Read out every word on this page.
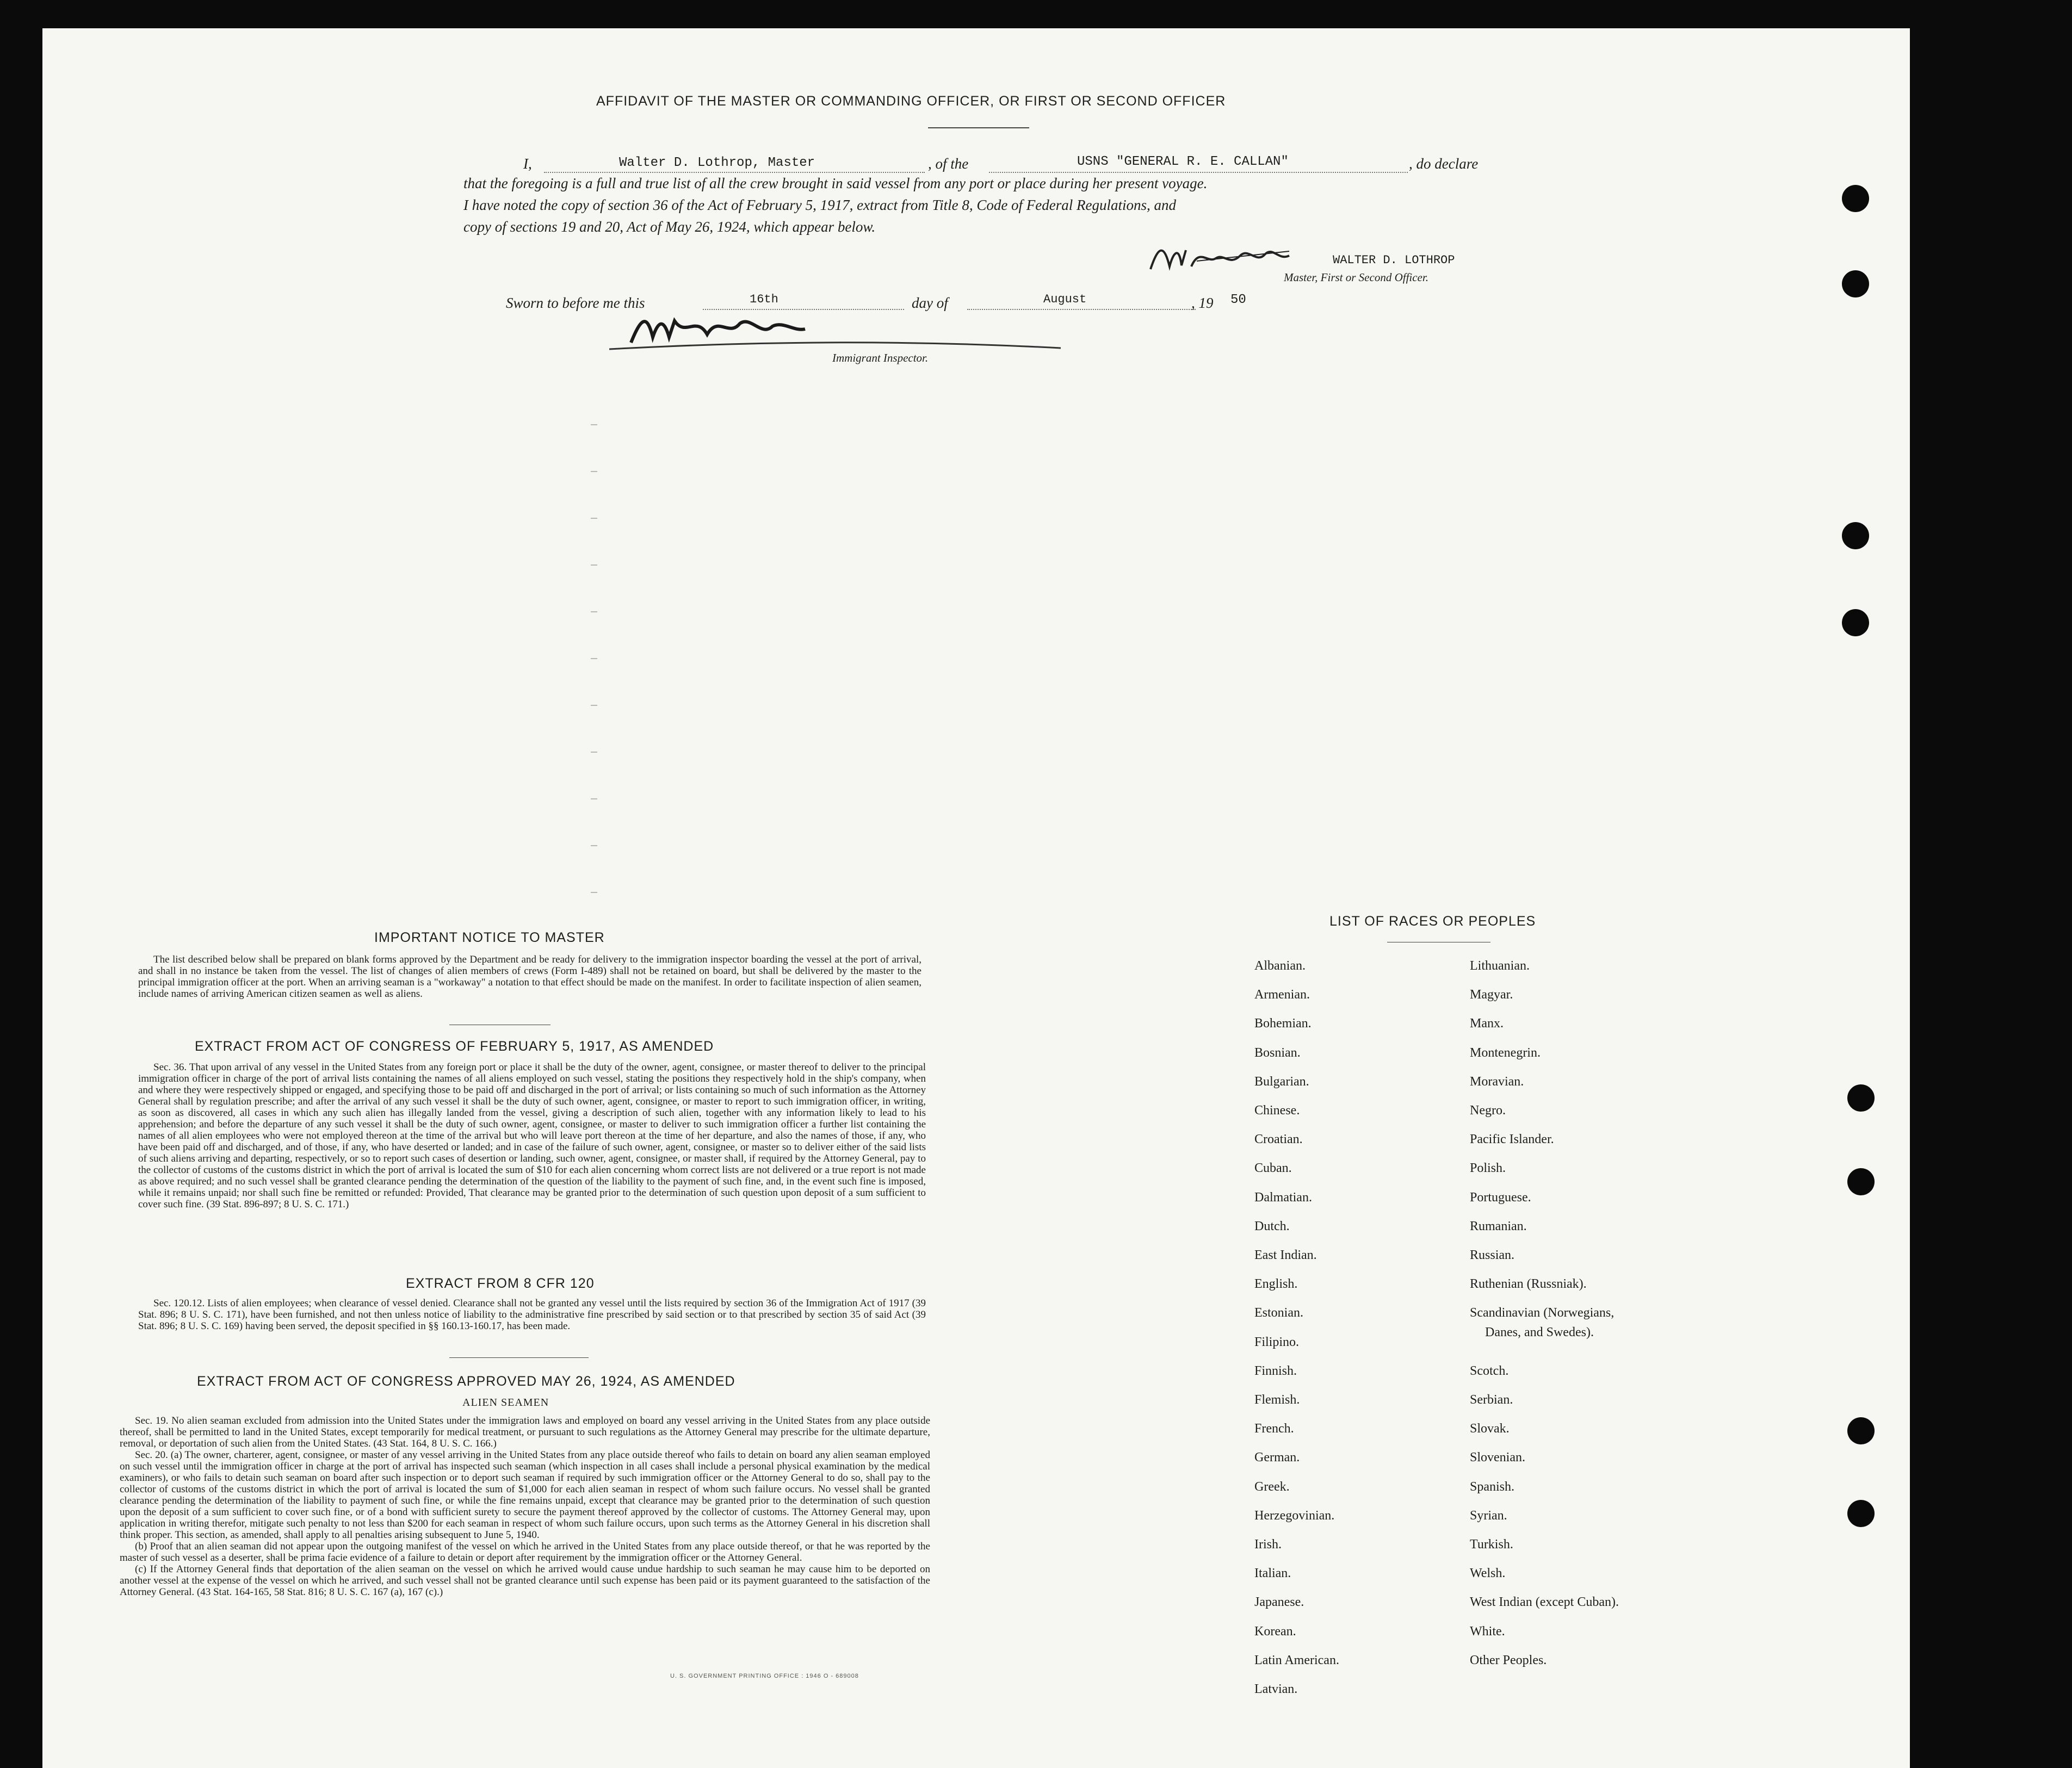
AFFIDAVIT OF THE MASTER OR COMMANDING OFFICER, OR FIRST OR SECOND OFFICER
I,	Walter D. Lothrop, Master	, of the	USNS "GENERAL R. E. CALLAN"	, do declare
that the foregoing is a full and true list of all the crew brought in said vessel from any port or place during her present voyage.
I have noted the copy of section 36 of the Act of February 5, 1917, extract from Title 8, Code of Federal Regulations, and
copy of sections 19 and 20, Act of May 26, 1924, which appear below.
WALTER D. LOTHROP
Master, First or Second Officer.
Sworn to before me this	16th	day of	August	, 19 50
Immigrant Inspector.
IMPORTANT NOTICE TO MASTER

The list described below shall be prepared on blank forms approved by the Department and be ready for delivery to the immigration inspector boarding the vessel at the port of arrival, and shall in no instance be taken from the vessel. The list of changes of alien members of crews (Form I-489) shall not be retained on board, but shall be delivered by the master to the principal immigration officer at the port. When an arriving seaman is a "workaway" a notation to that effect should be made on the manifest. In order to facilitate inspection of alien seamen, include names of arriving American citizen seamen as well as aliens.

EXTRACT FROM ACT OF CONGRESS OF FEBRUARY 5, 1917, AS AMENDED

Sec. 36. That upon arrival of any vessel in the United States from any foreign port or place it shall be the duty of the owner, agent, consignee, or master thereof to deliver to the principal immigration officer in charge of the port of arrival lists containing the names of all aliens employed on such vessel, stating the positions they respectively hold in the ship's company, when and where they were respectively shipped or engaged, and specifying those to be paid off and discharged in the port of arrival; or lists containing so much of such information as the Attorney General shall by regulation prescribe; and after the arrival of any such vessel it shall be the duty of such owner, agent, consignee, or master to report to such immigration officer, in writing, as soon as discovered, all cases in which any such alien has illegally landed from the vessel, giving a description of such alien, together with any information likely to lead to his apprehension; and before the departure of any such vessel it shall be the duty of such owner, agent, consignee, or master to deliver to such immigration officer a further list containing the names of all alien employees who were not employed thereon at the time of the arrival but who will leave port thereon at the time of her departure, and also the names of those, if any, who have been paid off and discharged, and of those, if any, who have deserted or landed; and in case of the failure of such owner, agent, consignee, or master so to deliver either of the said lists of such aliens arriving and departing, respectively, or so to report such cases of desertion or landing, such owner, agent, consignee, or master shall, if required by the Attorney General, pay to the collector of customs of the customs district in which the port of arrival is located the sum of $10 for each alien concerning whom correct lists are not delivered or a true report is not made as above required; and no such vessel shall be granted clearance pending the determination of the question of the liability to the payment of such fine, and, in the event such fine is imposed, while it remains unpaid; nor shall such fine be remitted or refunded: Provided, That clearance may be granted prior to the determination of such question upon deposit of a sum sufficient to cover such fine. (39 Stat. 896-897; 8 U. S. C. 171.)

EXTRACT FROM 8 CFR 120

Sec. 120.12. Lists of alien employees; when clearance of vessel denied. Clearance shall not be granted any vessel until the lists required by section 36 of the Immigration Act of 1917 (39 Stat. 896; 8 U. S. C. 171), have been furnished, and not then unless notice of liability to the administrative fine prescribed by said section or to that prescribed by section 35 of said Act (39 Stat. 896; 8 U. S. C. 169) having been served, the deposit specified in §§ 160.13-160.17, has been made.

EXTRACT FROM ACT OF CONGRESS APPROVED MAY 26, 1924, AS AMENDED
ALIEN SEAMEN

Sec. 19. No alien seaman excluded from admission into the United States under the immigration laws and employed on board any vessel arriving in the United States from any place outside thereof, shall be permitted to land in the United States, except temporarily for medical treatment, or pursuant to such regulations as the Attorney General may prescribe for the ultimate departure, removal, or deportation of such alien from the United States. (43 Stat. 164, 8 U. S. C. 166.)

Sec. 20. (a) The owner, charterer, agent, consignee, or master of any vessel arriving in the United States from any place outside thereof who fails to detain on board any alien seaman employed on such vessel until the immigration officer in charge at the port of arrival has inspected such seaman (which inspection in all cases shall include a personal physical examination by the medical examiners), or who fails to detain such seaman on board after such inspection or to deport such seaman if required by such immigration officer or the Attorney General to do so, shall pay to the collector of customs of the customs district in which the port of arrival is located the sum of $1,000 for each alien seaman in respect of whom such failure occurs. No vessel shall be granted clearance pending the determination of the liability to payment of such fine, or while the fine remains unpaid, except that clearance may be granted prior to the determination of such question upon the deposit of a sum sufficient to cover such fine, or of a bond with sufficient surety to secure the payment thereof approved by the collector of customs. The Attorney General may, upon application in writing therefor, mitigate such penalty to not less than $200 for each seaman in respect of whom such failure occurs, upon such terms as the Attorney General in his discretion shall think proper. This section, as amended, shall apply to all penalties arising subsequent to June 5, 1940.

(b) Proof that an alien seaman did not appear upon the outgoing manifest of the vessel on which he arrived in the United States from any place outside thereof, or that he was reported by the master of such vessel as a deserter, shall be prima facie evidence of a failure to detain or deport after requirement by the immigration officer or the Attorney General.

(c) If the Attorney General finds that deportation of the alien seaman on the vessel on which he arrived would cause undue hardship to such seaman he may cause him to be deported on another vessel at the expense of the vessel on which he arrived, and such vessel shall not be granted clearance until such expense has been paid or its payment guaranteed to the satisfaction of the Attorney General. (43 Stat. 164-165, 58 Stat. 816; 8 U. S. C. 167 (a), 167 (c).)

U. S. GOVERNMENT PRINTING OFFICE : 1946 O - 689008
LIST OF RACES OR PEOPLES
Albanian.
Armenian.
Bohemian.
Bosnian.
Bulgarian.
Chinese.
Croatian.
Cuban.
Dalmatian.
Dutch.
East Indian.
English.
Estonian.
Filipino.
Finnish.
Flemish.
French.
German.
Greek.
Herzegovinian.
Irish.
Italian.
Japanese.
Korean.
Latin American.
Latvian.
Lithuanian.
Magyar.
Manx.
Montenegrin.
Moravian.
Negro.
Pacific Islander.
Polish.
Portuguese.
Rumanian.
Russian.
Ruthenian (Russniak).
Scandinavian (Norwegians,
Danes, and Swedes).
Scotch.
Serbian.
Slovak.
Slovenian.
Spanish.
Syrian.
Turkish.
Welsh.
West Indian (except Cuban).
White.
Other Peoples.
